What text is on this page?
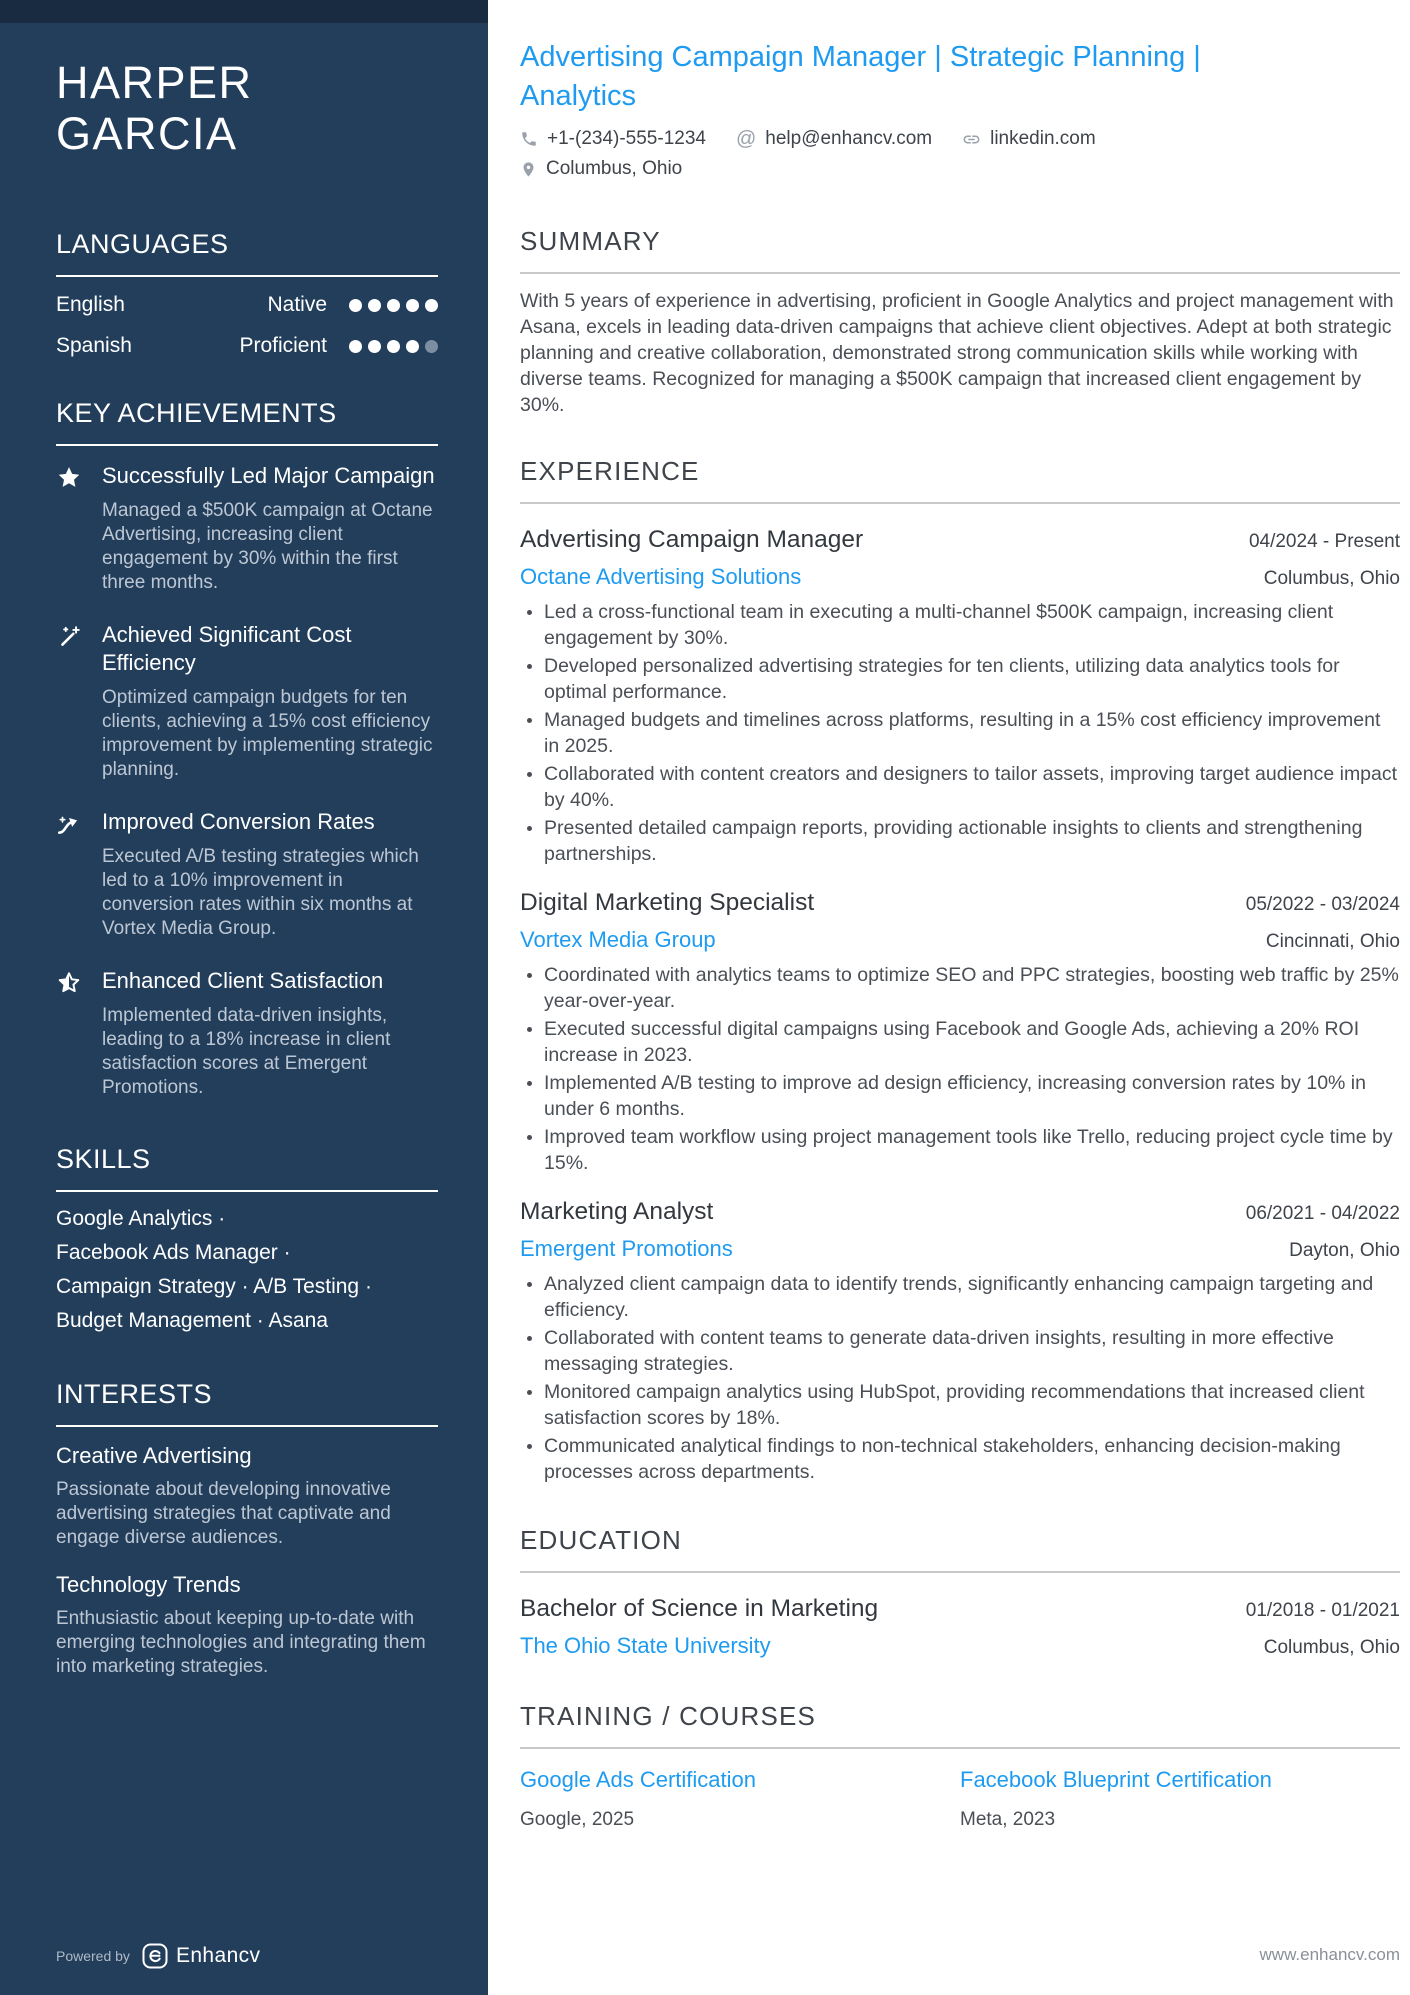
HARPER
GARCIA
LANGUAGES
English	Native
Spanish	Proficient
KEY ACHIEVEMENTS
Successfully Led Major Campaign
Managed a $500K campaign at Octane Advertising, increasing client engagement by 30% within the first three months.
Achieved Significant Cost Efficiency
Optimized campaign budgets for ten clients, achieving a 15% cost efficiency improvement by implementing strategic planning.
Improved Conversion Rates
Executed A/B testing strategies which led to a 10% improvement in conversion rates within six months at Vortex Media Group.
Enhanced Client Satisfaction
Implemented data-driven insights, leading to a 18% increase in client satisfaction scores at Emergent Promotions.
SKILLS
Google Analytics ·
Facebook Ads Manager ·
Campaign Strategy · A/B Testing ·
Budget Management · Asana
INTERESTS
Creative Advertising
Passionate about developing innovative advertising strategies that captivate and engage diverse audiences.
Technology Trends
Enthusiastic about keeping up-to-date with emerging technologies and integrating them into marketing strategies.
Powered by Enhancv
Advertising Campaign Manager | Strategic Planning | Analytics
+1-(234)-555-1234 @ help@enhancv.com	linkedin.com
Columbus, Ohio
SUMMARY

With 5 years of experience in advertising, proficient in Google Analytics and project management with Asana, excels in leading data-driven campaigns that achieve client objectives. Adept at both strategic planning and creative collaboration, demonstrated strong communication skills while working with diverse teams. Recognized for managing a $500K campaign that increased client engagement by 30%.

EXPERIENCE
Advertising Campaign Manager	04/2024 - Present
Octane Advertising Solutions	Columbus, Ohio
• Led a cross-functional team in executing a multi-channel $500K campaign, increasing client engagement by 30%.
• Developed personalized advertising strategies for ten clients, utilizing data analytics tools for optimal performance.
• Managed budgets and timelines across platforms, resulting in a 15% cost efficiency improvement in 2025.
• Collaborated with content creators and designers to tailor assets, improving target audience impact by 40%.
• Presented detailed campaign reports, providing actionable insights to clients and strengthening partnerships.
Digital Marketing Specialist	05/2022 - 03/2024
Vortex Media Group	Cincinnati, Ohio
• Coordinated with analytics teams to optimize SEO and PPC strategies, boosting web traffic by 25% year-over-year.
• Executed successful digital campaigns using Facebook and Google Ads, achieving a 20% ROI increase in 2023.
• Implemented A/B testing to improve ad design efficiency, increasing conversion rates by 10% in under 6 months.
• Improved team workflow using project management tools like Trello, reducing project cycle time by 15%.
Marketing Analyst	06/2021 - 04/2022
Emergent Promotions	Dayton, Ohio
• Analyzed client campaign data to identify trends, significantly enhancing campaign targeting and efficiency.
• Collaborated with content teams to generate data-driven insights, resulting in more effective messaging strategies.
• Monitored campaign analytics using HubSpot, providing recommendations that increased client satisfaction scores by 18%.
• Communicated analytical findings to non-technical stakeholders, enhancing decision-making processes across departments.
EDUCATION
Bachelor of Science in Marketing	01/2018 - 01/2021
The Ohio State University	Columbus, Ohio
TRAINING / COURSES
Google Ads Certification
Google, 2025
Facebook Blueprint Certification
Meta, 2023
www.enhancv.com
